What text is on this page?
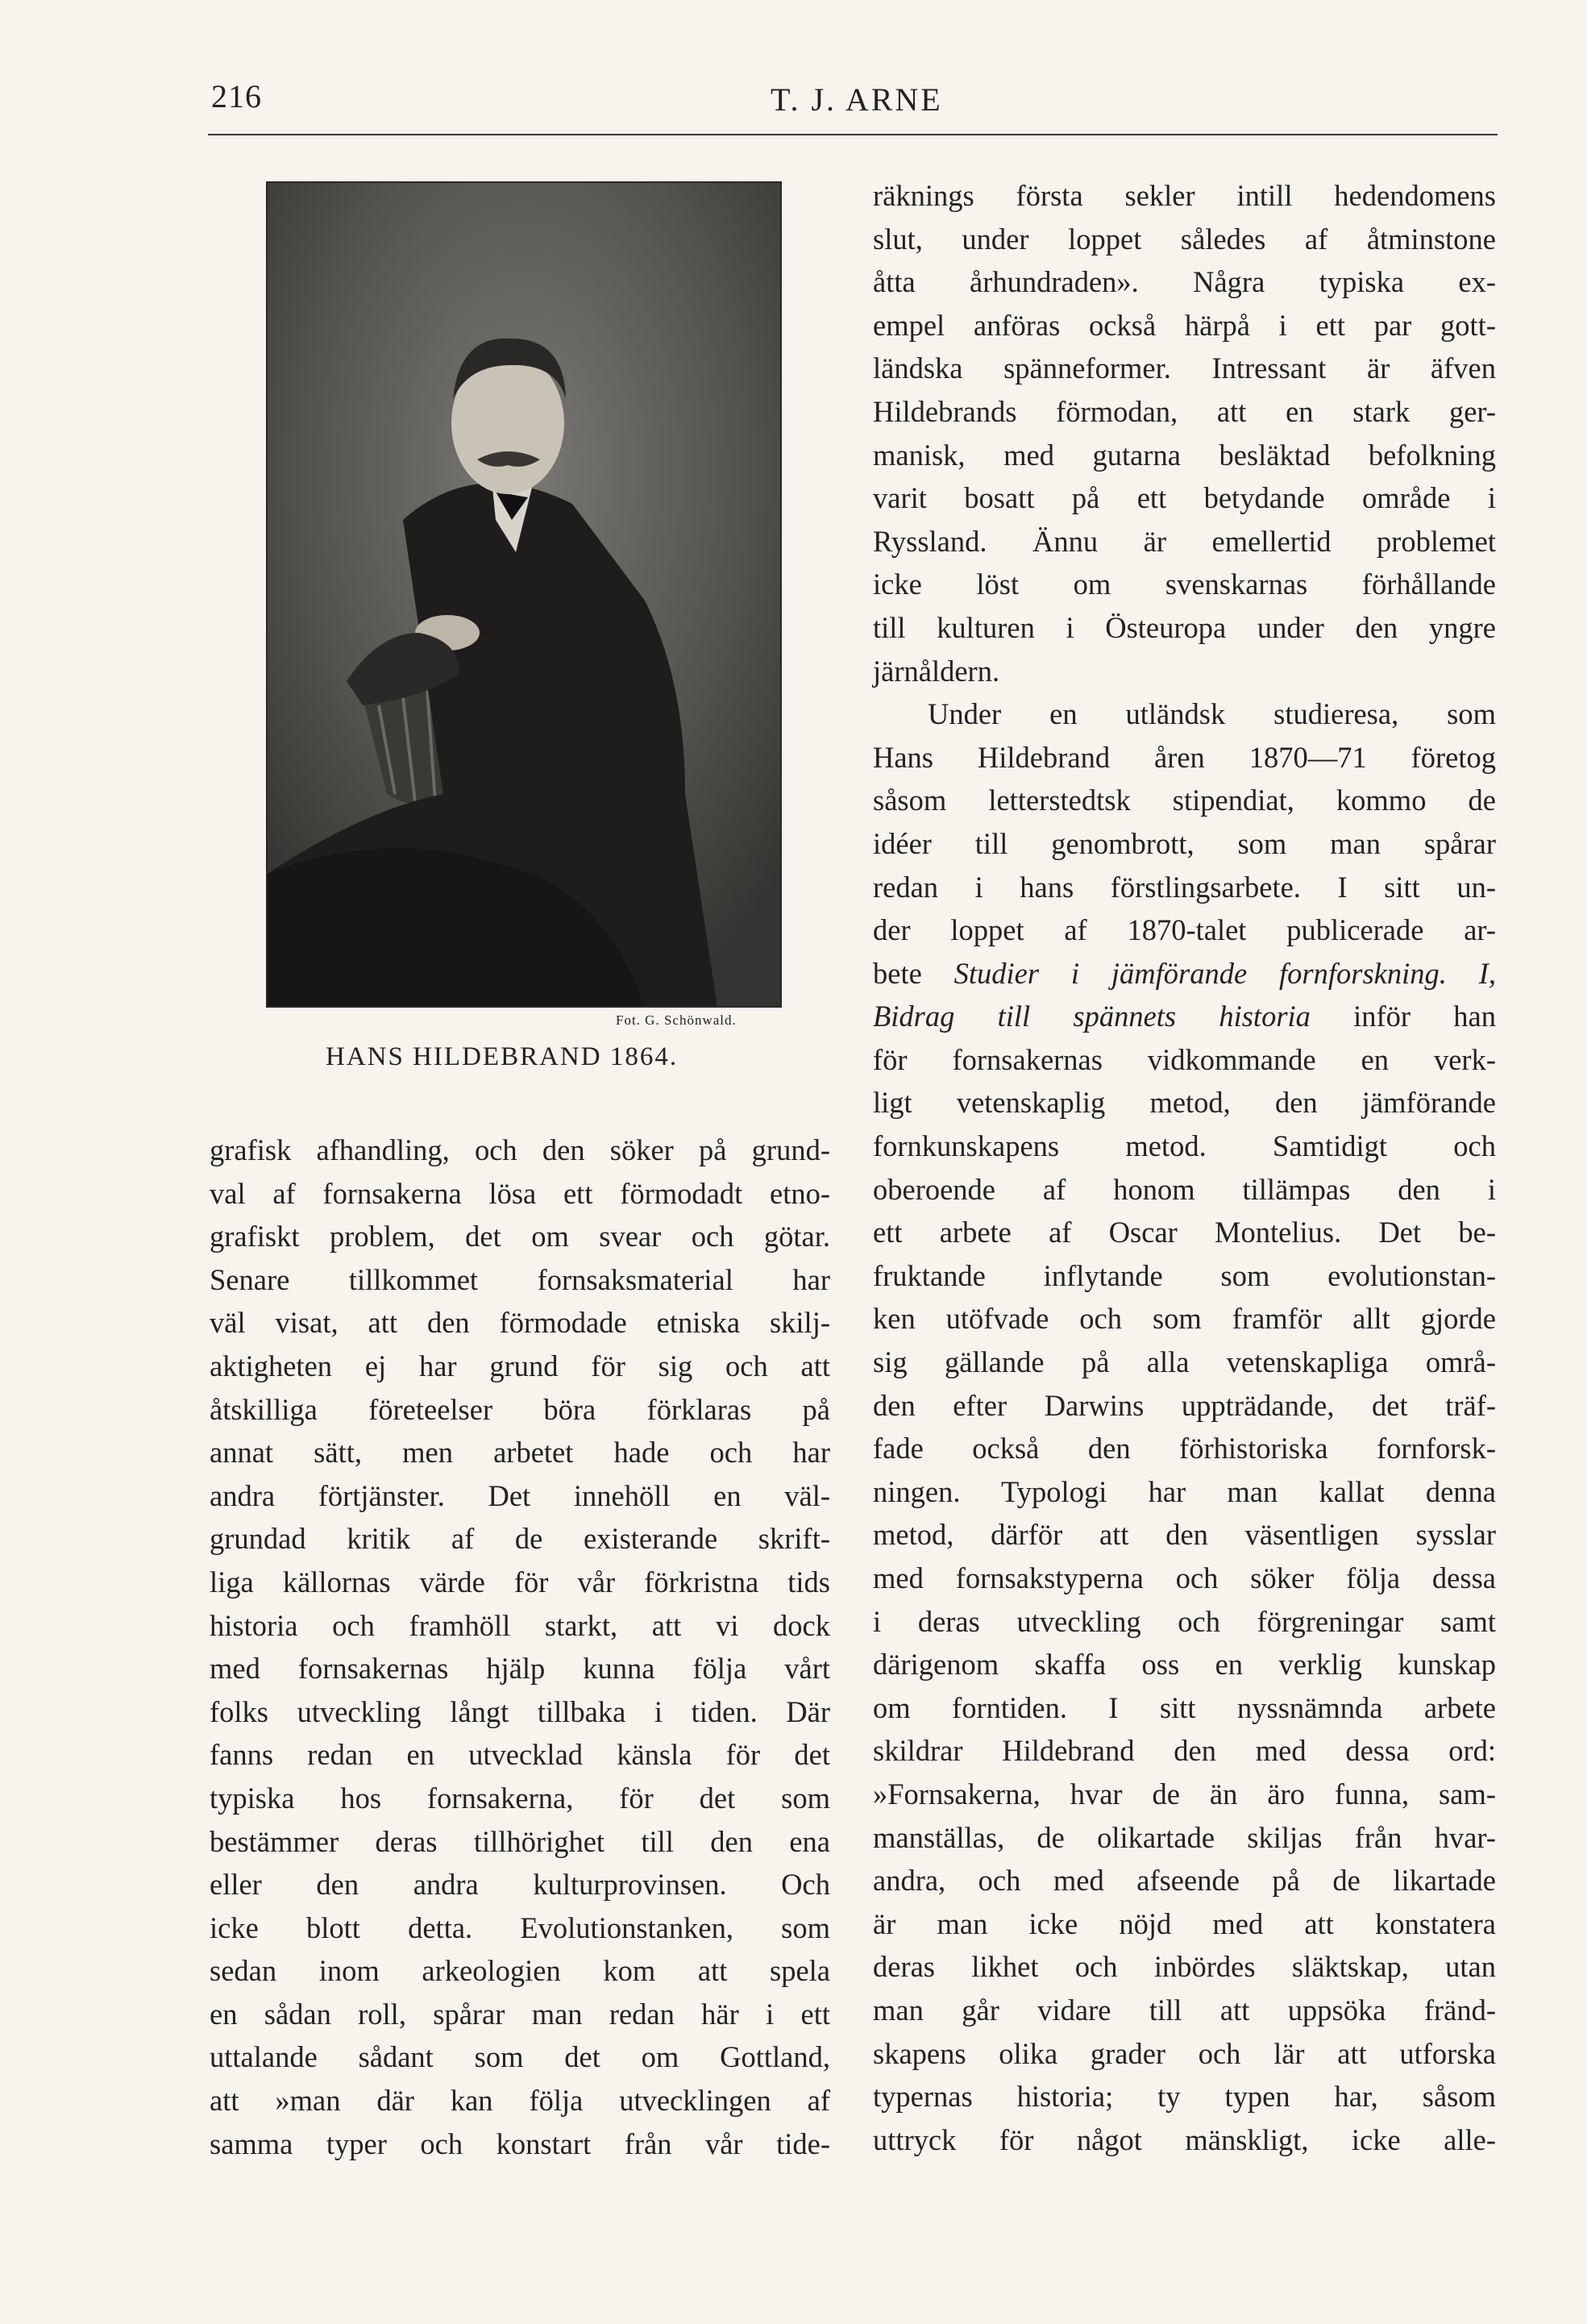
216	T. J. ARNE
Fot. G. Schönwald.
HANS HILDEBRAND 1864.
grafisk afhandling, och den söker på grund-
val af fornsakerna lösa ett förmodadt etno-
grafiskt problem, det om svear och götar.
Senare tillkommet fornsaksmaterial har
väl visat, att den förmodade etniska skilj-
aktigheten ej har grund för sig och att
åtskilliga företeelser böra förklaras på
annat sätt, men arbetet hade och har
andra förtjänster. Det innehöll en väl-
grundad kritik af de existerande skrift-
liga källornas värde för vår förkristna tids
historia och framhöll starkt, att vi dock
med fornsakernas hjälp kunna följa vårt
folks utveckling långt tillbaka i tiden. Där
fanns redan en utvecklad känsla för det
typiska hos fornsakerna, för det som
bestämmer deras tillhörighet till den ena
eller den andra kulturprovinsen. Och
icke blott detta. Evolutionstanken, som
sedan inom arkeologien kom att spela
en sådan roll, spårar man redan här i ett
uttalande sådant som det om Gottland,
att »man där kan följa utvecklingen af
samma typer och konstart från vår tide-
räknings första sekler intill hedendomens
slut, under loppet således af åtminstone
åtta århundraden». Några typiska ex-
empel anföras också härpå i ett par gott-
ländska spänneformer. Intressant är äfven
Hildebrands förmodan, att en stark ger-
manisk, med gutarna besläktad befolkning
varit bosatt på ett betydande område i
Ryssland. Ännu är emellertid problemet
icke löst om svenskarnas förhållande
till kulturen i Östeuropa under den yngre
järnåldern.
Under en utländsk studieresa, som
Hans Hildebrand åren 1870—71 företog
såsom letterstedtsk stipendiat, kommo de
idéer till genombrott, som man spårar
redan i hans förstlingsarbete. I sitt un-
der loppet af 1870-talet publicerade ar-
bete Studier i jämförande fornforskning. I,
Bidrag till spännets historia inför han
för fornsakernas vidkommande en verk-
ligt vetenskaplig metod, den jämförande
fornkunskapens metod. Samtidigt och
oberoende af honom tillämpas den i
ett arbete af Oscar Montelius. Det be-
fruktande inflytande som evolutionstan-
ken utöfvade och som framför allt gjorde
sig gällande på alla vetenskapliga områ-
den efter Darwins uppträdande, det träf-
fade också den förhistoriska fornforsk-
ningen. Typologi har man kallat denna
metod, därför att den väsentligen sysslar
med fornsakstyperna och söker följa dessa
i deras utveckling och förgreningar samt
därigenom skaffa oss en verklig kunskap
om forntiden. I sitt nyssnämnda arbete
skildrar Hildebrand den med dessa ord:
»Fornsakerna, hvar de än äro funna, sam-
manställas, de olikartade skiljas från hvar-
andra, och med afseende på de likartade
är man icke nöjd med att konstatera
deras likhet och inbördes släktskap, utan
man går vidare till att uppsöka fränd-
skapens olika grader och lär att utforska
typernas historia; ty typen har, såsom
uttryck för något mänskligt, icke alle-
